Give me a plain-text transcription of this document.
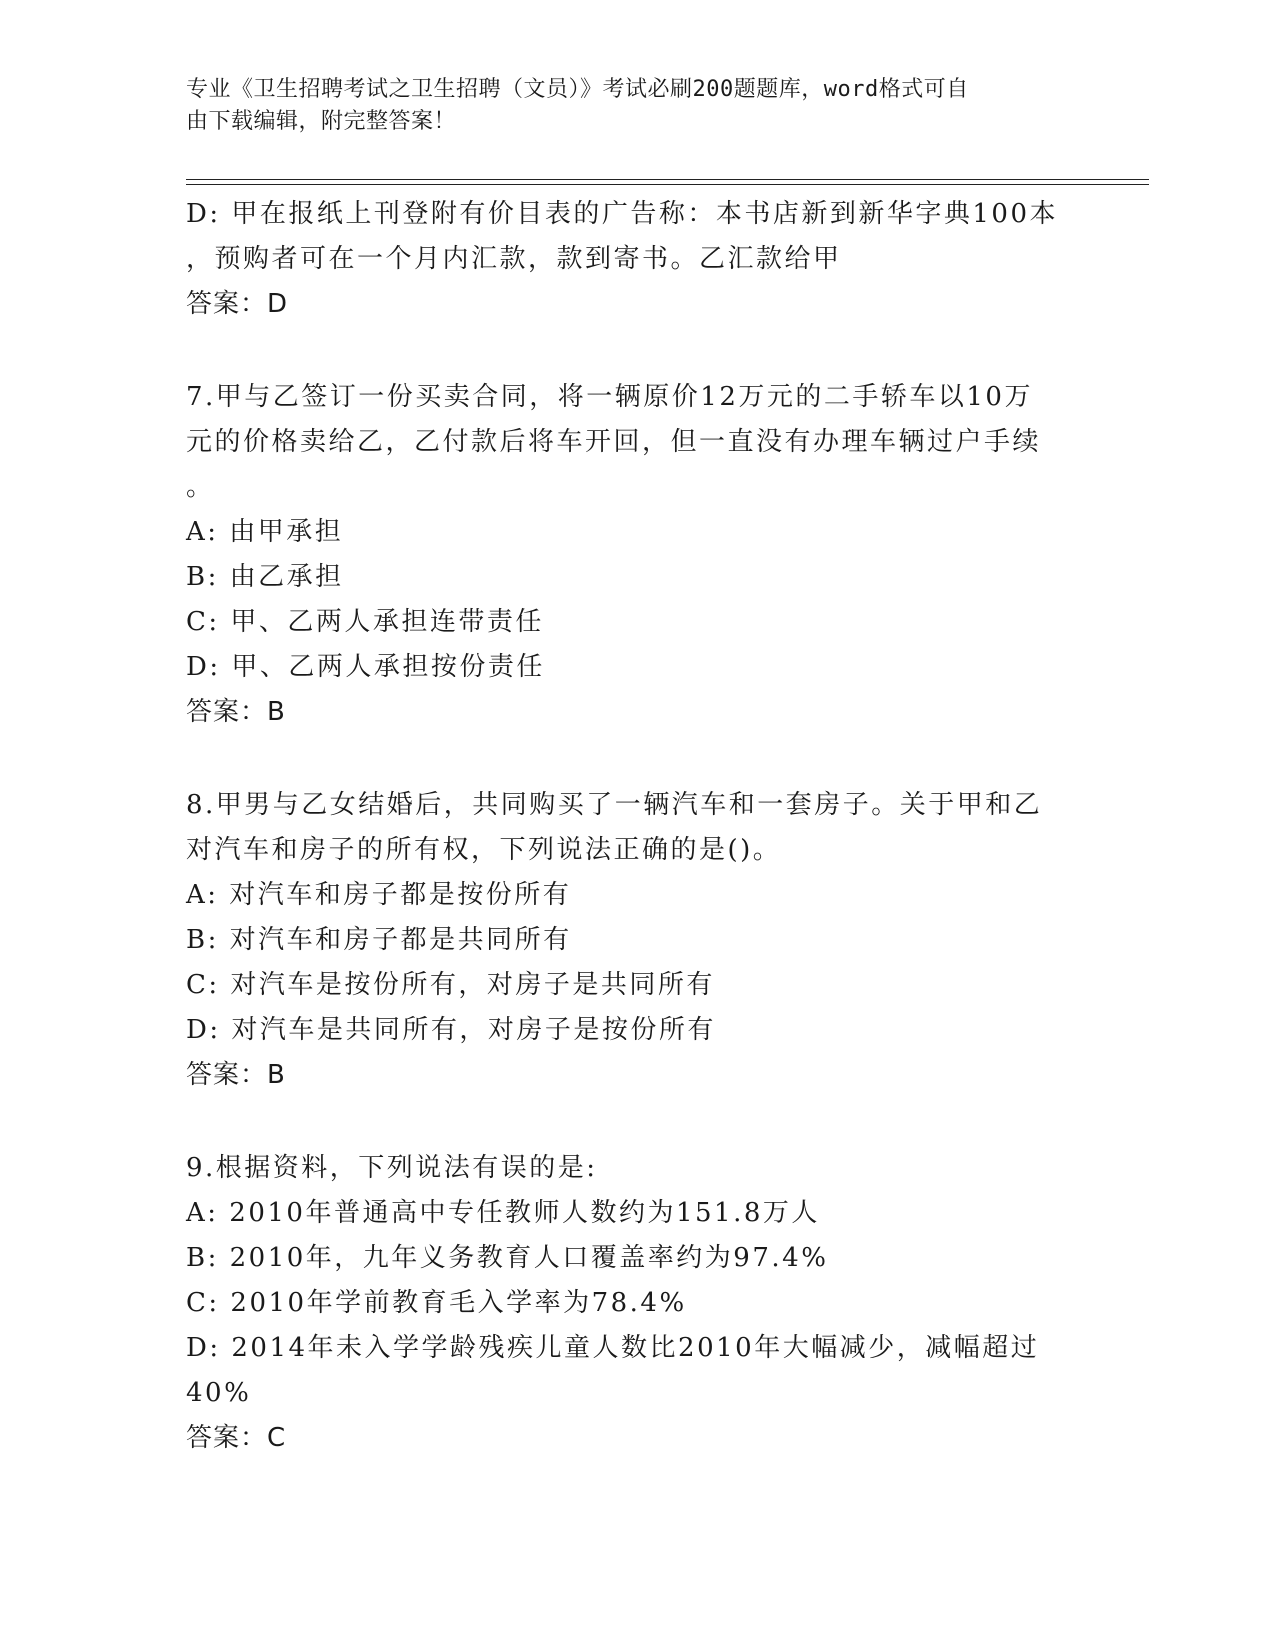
专业《卫生招聘考试之卫生招聘（文员）》考试必刷200题题库，word格式可自
由下载编辑，附完整答案！
D: 甲在报纸上刊登附有价目表的广告称：本书店新到新华字典100本
，预购者可在一个月内汇款，款到寄书。乙汇款给甲
答案：D
7.甲与乙签订一份买卖合同，将一辆原价12万元的二手轿车以10万
元的价格卖给乙，乙付款后将车开回，但一直没有办理车辆过户手续
。
A: 由甲承担
B: 由乙承担
C: 甲、乙两人承担连带责任
D: 甲、乙两人承担按份责任
答案：B
8.甲男与乙女结婚后，共同购买了一辆汽车和一套房子。关于甲和乙
对汽车和房子的所有权，下列说法正确的是()。
A: 对汽车和房子都是按份所有
B: 对汽车和房子都是共同所有
C: 对汽车是按份所有，对房子是共同所有
D: 对汽车是共同所有，对房子是按份所有
答案：B
9.根据资料，下列说法有误的是:
A: 2010年普通高中专任教师人数约为151.8万人
B: 2010年，九年义务教育人口覆盖率约为97.4%
C: 2010年学前教育毛入学率为78.4%
D: 2014年未入学学龄残疾儿童人数比2010年大幅减少，减幅超过
40%
答案：C
